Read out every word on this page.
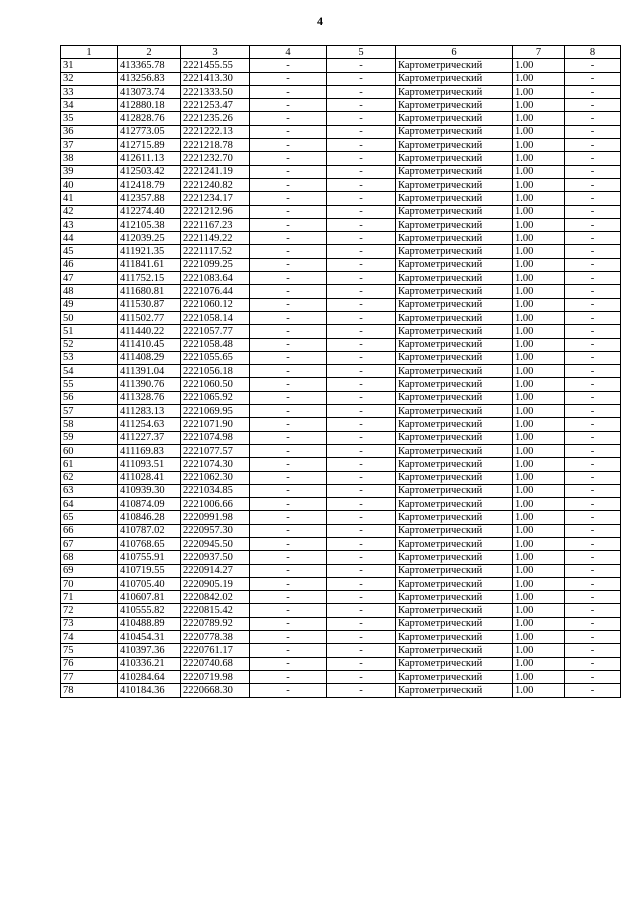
4
1	2	3	4	5	6	7	8
31	413365.78	2221455.55	-	-	Картометрический	1.00	-
32	413256.83	2221413.30	-	-	Картометрический	1.00	-
33	413073.74	2221333.50	-	-	Картометрический	1.00	-
34	412880.18	2221253.47	-	-	Картометрический	1.00	-
35	412828.76	2221235.26	-	-	Картометрический	1.00	-
36	412773.05	2221222.13	-	-	Картометрический	1.00	-
37	412715.89	2221218.78	-	-	Картометрический	1.00	-
38	412611.13	2221232.70	-	-	Картометрический	1.00	-
39	412503.42	2221241.19	-	-	Картометрический	1.00	-
40	412418.79	2221240.82	-	-	Картометрический	1.00	-
41	412357.88	2221234.17	-	-	Картометрический	1.00	-
42	412274.40	2221212.96	-	-	Картометрический	1.00	-
43	412105.38	2221167.23	-	-	Картометрический	1.00	-
44	412039.25	2221149.22	-	-	Картометрический	1.00	-
45	411921.35	2221117.52	-	-	Картометрический	1.00	-
46	411841.61	2221099.25	-	-	Картометрический	1.00	-
47	411752.15	2221083.64	-	-	Картометрический	1.00	-
48	411680.81	2221076.44	-	-	Картометрический	1.00	-
49	411530.87	2221060.12	-	-	Картометрический	1.00	-
50	411502.77	2221058.14	-	-	Картометрический	1.00	-
51	411440.22	2221057.77	-	-	Картометрический	1.00	-
52	411410.45	2221058.48	-	-	Картометрический	1.00	-
53	411408.29	2221055.65	-	-	Картометрический	1.00	-
54	411391.04	2221056.18	-	-	Картометрический	1.00	-
55	411390.76	2221060.50	-	-	Картометрический	1.00	-
56	411328.76	2221065.92	-	-	Картометрический	1.00	-
57	411283.13	2221069.95	-	-	Картометрический	1.00	-
58	411254.63	2221071.90	-	-	Картометрический	1.00	-
59	411227.37	2221074.98	-	-	Картометрический	1.00	-
60	411169.83	2221077.57	-	-	Картометрический	1.00	-
61	411093.51	2221074.30	-	-	Картометрический	1.00	-
62	411028.41	2221062.30	-	-	Картометрический	1.00	-
63	410939.30	2221034.85	-	-	Картометрический	1.00	-
64	410874.09	2221006.66	-	-	Картометрический	1.00	-
65	410846.28	2220991.98	-	-	Картометрический	1.00	-
66	410787.02	2220957.30	-	-	Картометрический	1.00	-
67	410768.65	2220945.50	-	-	Картометрический	1.00	-
68	410755.91	2220937.50	-	-	Картометрический	1.00	-
69	410719.55	2220914.27	-	-	Картометрический	1.00	-
70	410705.40	2220905.19	-	-	Картометрический	1.00	-
71	410607.81	2220842.02	-	-	Картометрический	1.00	-
72	410555.82	2220815.42	-	-	Картометрический	1.00	-
73	410488.89	2220789.92	-	-	Картометрический	1.00	-
74	410454.31	2220778.38	-	-	Картометрический	1.00	-
75	410397.36	2220761.17	-	-	Картометрический	1.00	-
76	410336.21	2220740.68	-	-	Картометрический	1.00	-
77	410284.64	2220719.98	-	-	Картометрический	1.00	-
78	410184.36	2220668.30	-	-	Картометрический	1.00	-
